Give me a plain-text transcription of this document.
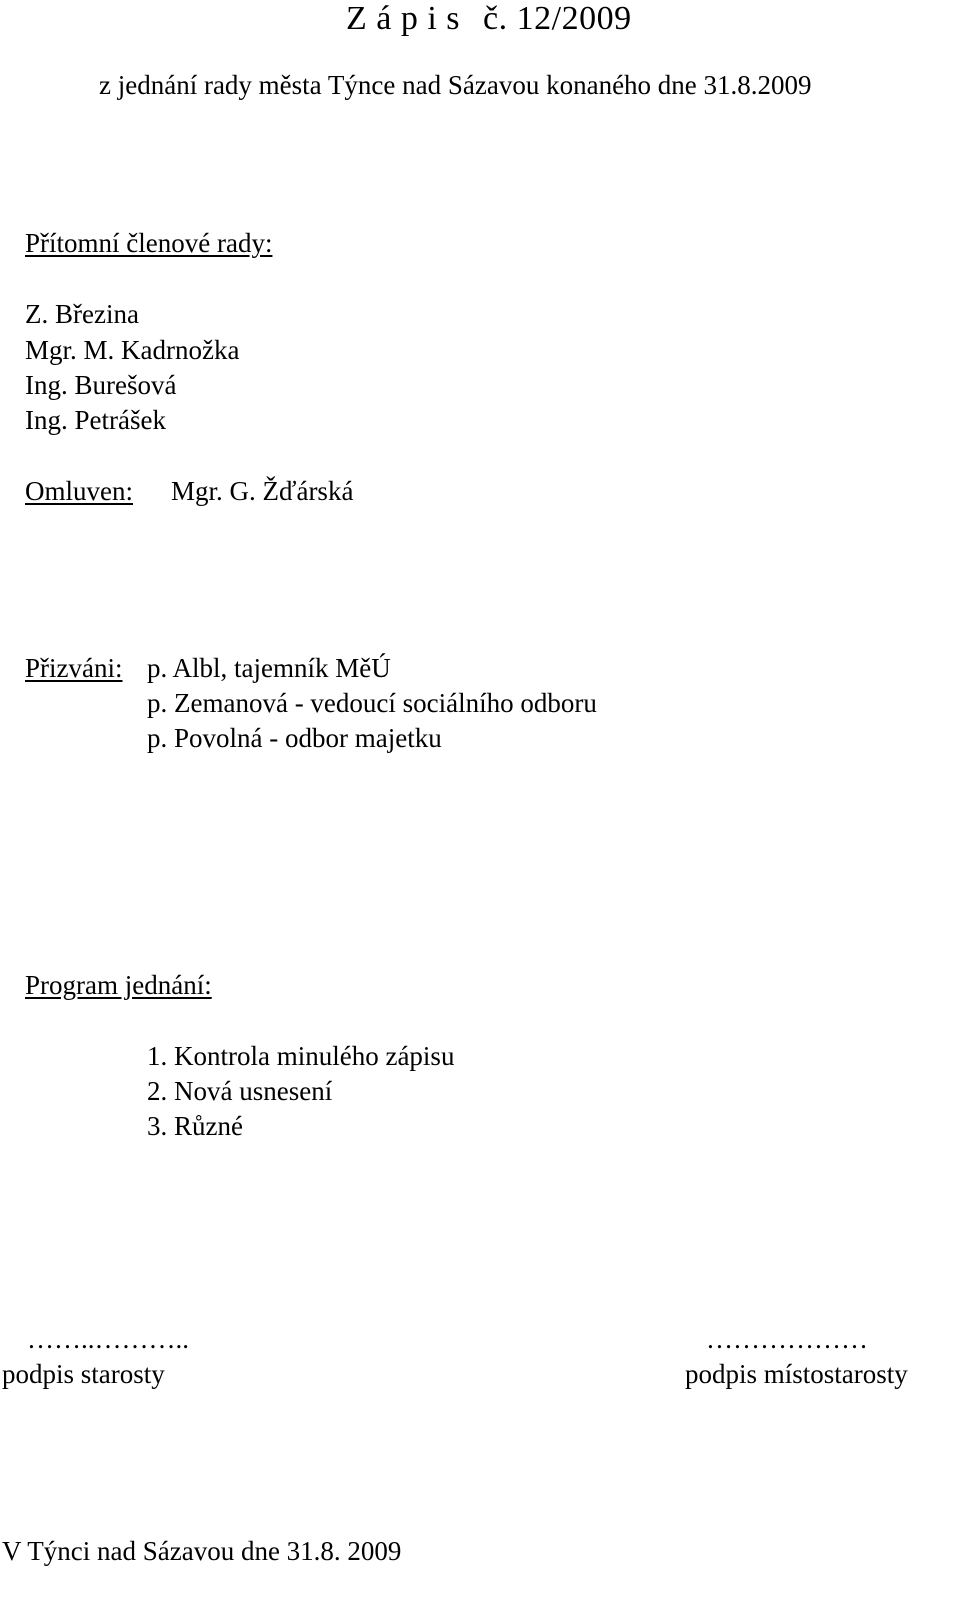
Z á p i s č. 12/2009
z jednání rady města Týnce nad Sázavou konaného dne 31.8.2009
Přítomní členové rady:
Z. Březina
Mgr. M. Kadrnožka
Ing. Burešová
Ing. Petrášek
Omluven: Mgr. G. Žďárská
Přizváni: p. Albl, tajemník MěÚ
p. Zemanová - vedoucí sociálního odboru
p. Povolná - odbor majetku
Program jednání:
1. Kontrola minulého zápisu
2. Nová usnesení
3. Různé
……..………..
podpis starosty
………………
podpis místostarosty
V Týnci nad Sázavou dne 31.8. 2009
